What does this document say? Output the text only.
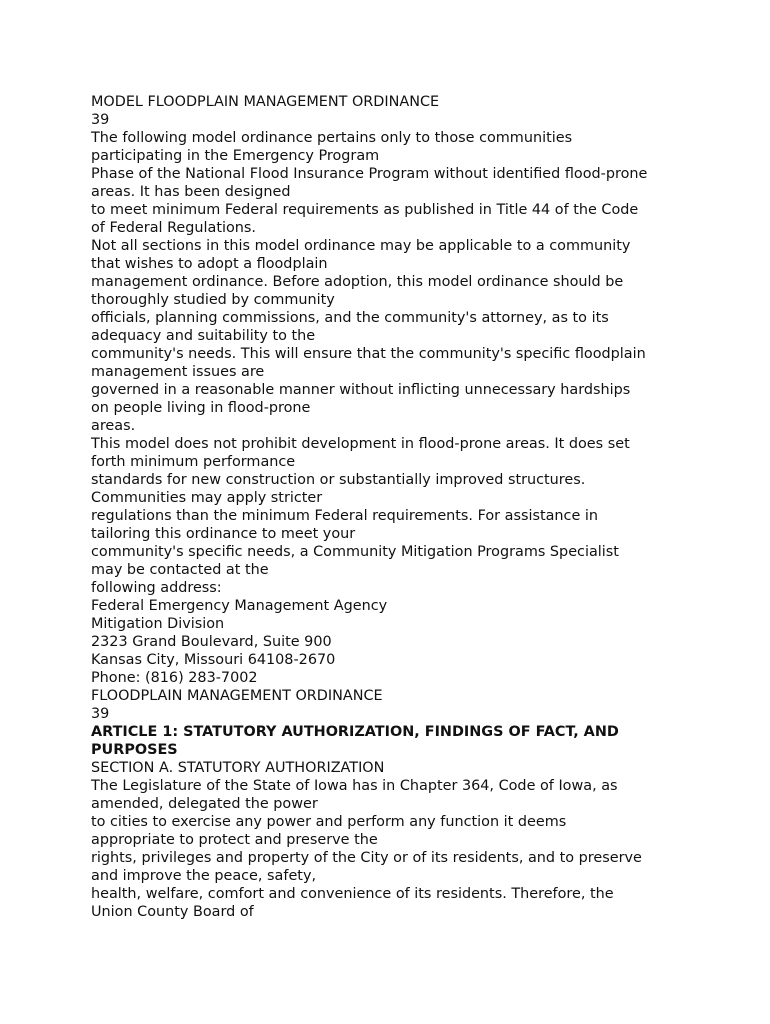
MODEL FLOODPLAIN MANAGEMENT ORDINANCE
39
The following model ordinance pertains only to those communities
participating in the Emergency Program
Phase of the National Flood Insurance Program without identified flood-prone
areas. It has been designed
to meet minimum Federal requirements as published in Title 44 of the Code
of Federal Regulations.
Not all sections in this model ordinance may be applicable to a community
that wishes to adopt a floodplain
management ordinance. Before adoption, this model ordinance should be
thoroughly studied by community
officials, planning commissions, and the community's attorney, as to its
adequacy and suitability to the
community's needs. This will ensure that the community's specific floodplain
management issues are
governed in a reasonable manner without inflicting unnecessary hardships
on people living in flood-prone
areas.
This model does not prohibit development in flood-prone areas. It does set
forth minimum performance
standards for new construction or substantially improved structures.
Communities may apply stricter
regulations than the minimum Federal requirements. For assistance in
tailoring this ordinance to meet your
community's specific needs, a Community Mitigation Programs Specialist
may be contacted at the
following address:
Federal Emergency Management Agency
Mitigation Division
2323 Grand Boulevard, Suite 900
Kansas City, Missouri 64108-2670
Phone: (816) 283-7002
FLOODPLAIN MANAGEMENT ORDINANCE
39
ARTICLE 1: STATUTORY AUTHORIZATION, FINDINGS OF FACT, AND
PURPOSES
SECTION A. STATUTORY AUTHORIZATION
The Legislature of the State of Iowa has in Chapter 364, Code of Iowa, as
amended, delegated the power
to cities to exercise any power and perform any function it deems
appropriate to protect and preserve the
rights, privileges and property of the City or of its residents, and to preserve
and improve the peace, safety,
health, welfare, comfort and convenience of its residents. Therefore, the
Union County Board of
